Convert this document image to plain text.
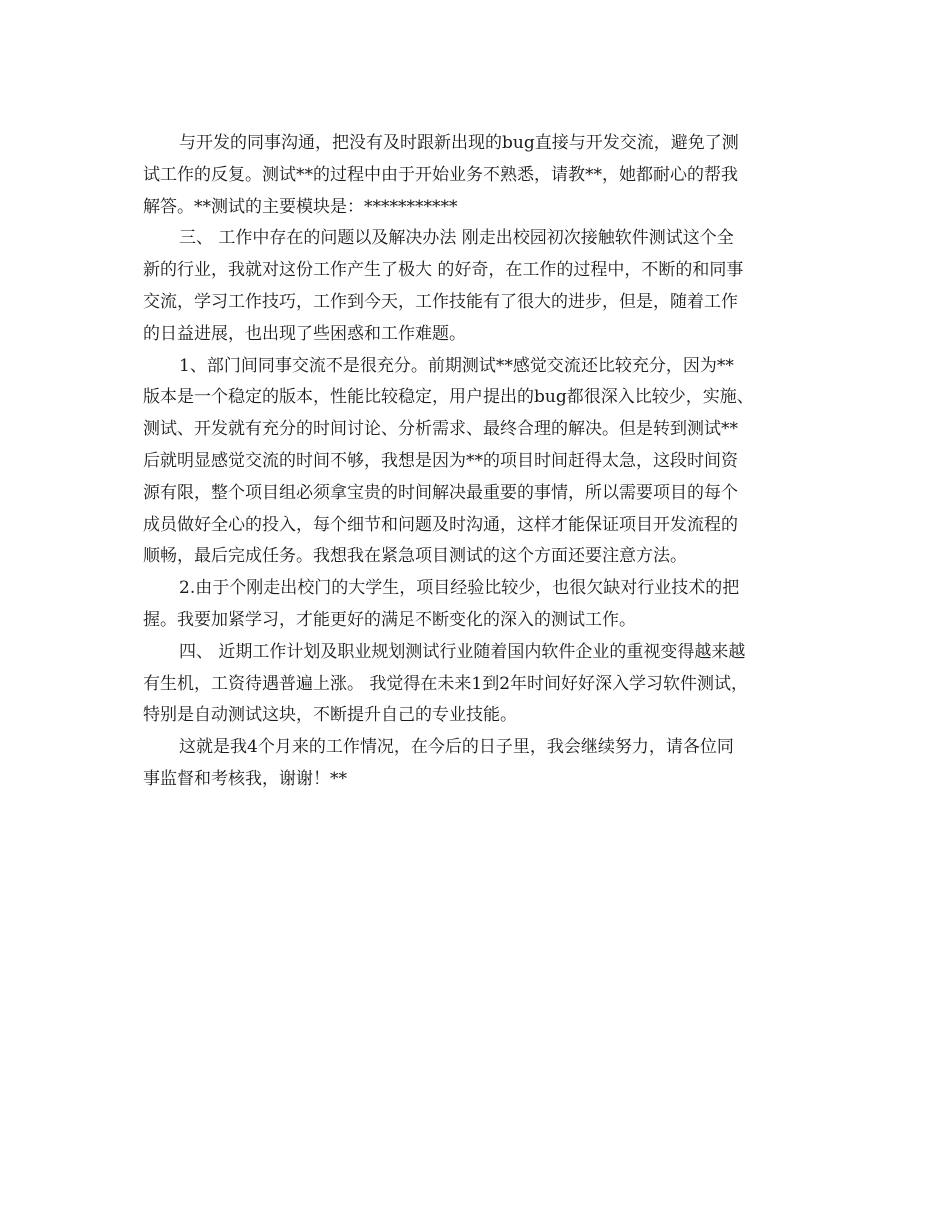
与开发的同事沟通，把没有及时跟新出现的bug直接与开发交流，避免了测
试工作的反复。测试**的过程中由于开始业务不熟悉，请教**，她都耐心的帮我
解答。**测试的主要模块是：***********
三、 工作中存在的问题以及解决办法 刚走出校园初次接触软件测试这个全
新的行业，我就对这份工作产生了极大 的好奇，在工作的过程中，不断的和同事
交流，学习工作技巧，工作到今天，工作技能有了很大的进步，但是，随着工作
的日益进展，也出现了些困惑和工作难题。
1、部门间同事交流不是很充分。前期测试**感觉交流还比较充分，因为**
版本是一个稳定的版本，性能比较稳定，用户提出的bug都很深入比较少，实施、
测试、开发就有充分的时间讨论、分析需求、最终合理的解决。但是转到测试**
后就明显感觉交流的时间不够，我想是因为**的项目时间赶得太急，这段时间资
源有限，整个项目组必须拿宝贵的时间解决最重要的事情，所以需要项目的每个
成员做好全心的投入，每个细节和问题及时沟通，这样才能保证项目开发流程的
顺畅，最后完成任务。我想我在紧急项目测试的这个方面还要注意方法。
2.由于个刚走出校门的大学生，项目经验比较少，也很欠缺对行业技术的把
握。我要加紧学习，才能更好的满足不断变化的深入的测试工作。
四、 近期工作计划及职业规划测试行业随着国内软件企业的重视变得越来越
有生机，工资待遇普遍上涨。 我觉得在未来1到2年时间好好深入学习软件测试，
特别是自动测试这块，不断提升自己的专业技能。
这就是我4个月来的工作情况，在今后的日子里，我会继续努力，请各位同
事监督和考核我，谢谢！**
